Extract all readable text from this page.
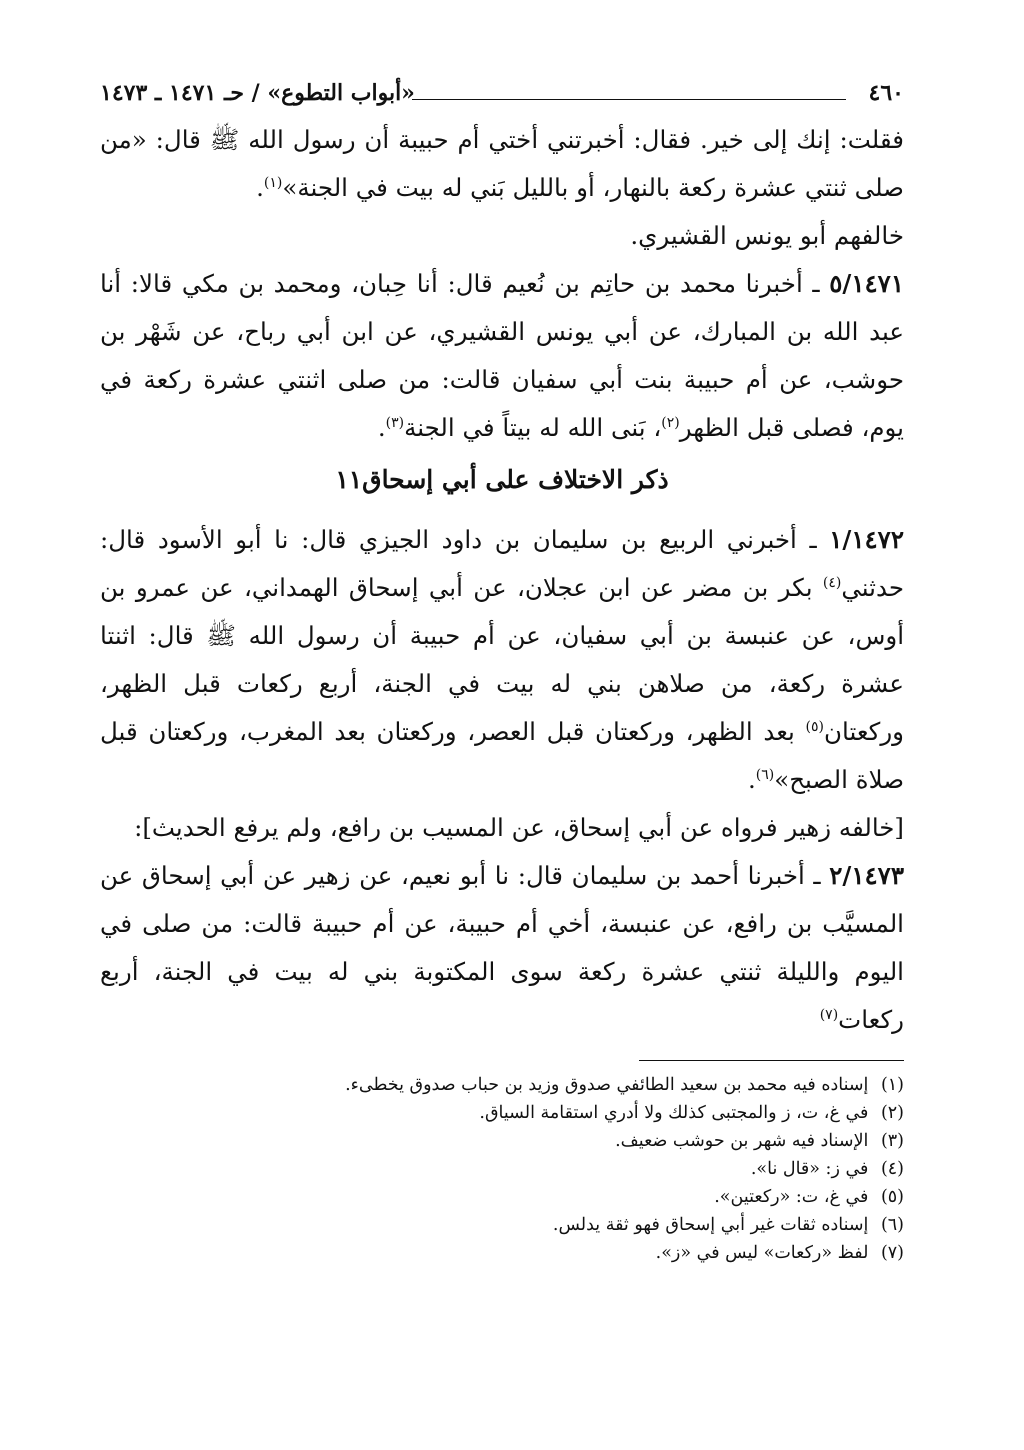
٤٦٠
«أبواب التطوع» / حـ ١٤٧١ ـ ١٤٧٣

فقلت: إنك إلى خير. فقال: أخبرتني أختي أم حبيبة أن رسول الله ﷺ قال: «من صلى ثنتي عشرة ركعة بالنهار، أو بالليل بَني له بيت في الجنة»$^{(١)}$.

خالفهم أبو يونس القشيري.

٥/١٤٧١ ـ أخبرنا محمد بن حاتِم بن نُعيم قال: أنا حِبان، ومحمد بن مكي قالا: أنا عبد الله بن المبارك، عن أبي يونس القشيري، عن ابن أبي رباح، عن شَهْر بن حوشب، عن أم حبيبة بنت أبي سفيان قالت: من صلى اثنتي عشرة ركعة في يوم، فصلى قبل الظهر$^{(٢)}$، بَنى الله له بيتاً في الجنة$^{(٣)}$.

ذكر الاختلاف على أبي إسحاق١١

١/١٤٧٢ ـ أخبرني الربيع بن سليمان بن داود الجيزي قال: نا أبو الأسود قال: حدثني$^{(٤)}$ بكر بن مضر عن ابن عجلان، عن أبي إسحاق الهمداني، عن عمرو بن أوس، عن عنبسة بن أبي سفيان، عن أم حبيبة أن رسول الله ﷺ قال: اثنتا عشرة ركعة، من صلاهن بني له بيت في الجنة، أربع ركعات قبل الظهر، وركعتان$^{(٥)}$ بعد الظهر، وركعتان قبل العصر، وركعتان بعد المغرب، وركعتان قبل صلاة الصبح»$^{(٦)}$.

[خالفه زهير فرواه عن أبي إسحاق، عن المسيب بن رافع، ولم يرفع الحديث]:

٢/١٤٧٣ ـ أخبرنا أحمد بن سليمان قال: نا أبو نعيم، عن زهير عن أبي إسحاق عن المسيَّب بن رافع، عن عنبسة، أخي أم حبيبة، عن أم حبيبة قالت: من صلى في اليوم والليلة ثنتي عشرة ركعة سوى المكتوبة بني له بيت في الجنة، أربع ركعات$^{(٧)}$

(١) إسناده فيه محمد بن سعيد الطائفي صدوق وزيد بن حباب صدوق يخطىء.
(٢) في غ، ت، ز والمجتبى كذلك ولا أدري استقامة السياق.
(٣) الإسناد فيه شهر بن حوشب ضعيف.
(٤) في ز: «قال نا».
(٥) في غ، ت: «ركعتين».
(٦) إسناده ثقات غير أبي إسحاق فهو ثقة يدلس.
(٧) لفظ «ركعات» ليس في «ز».
